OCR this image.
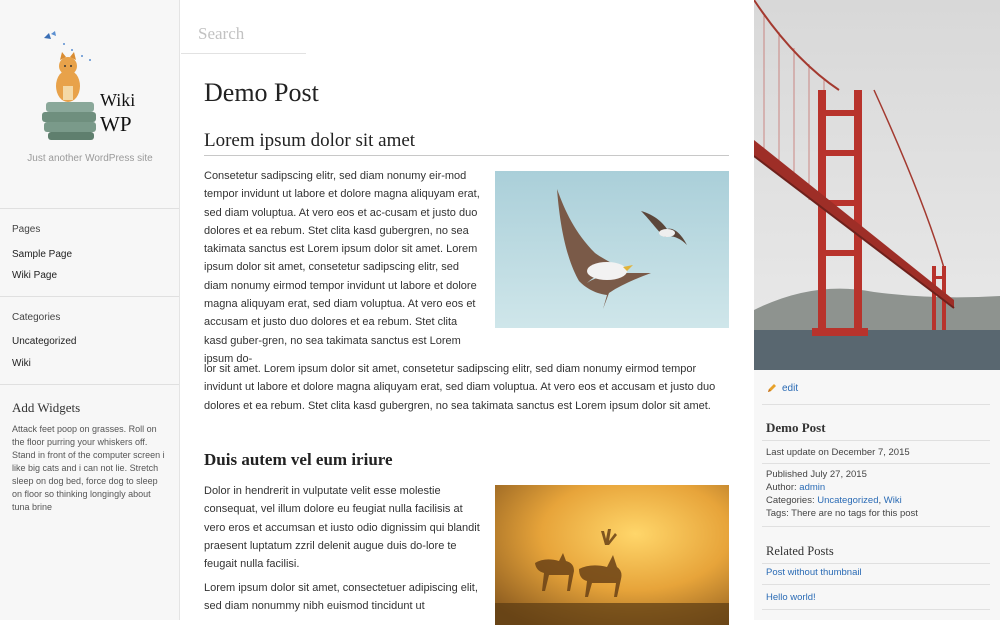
Wiki
WP
Just another WordPress site
Pages
Sample Page
Wiki Page
Categories
Uncategorized
Wiki
Add Widgets
Attack feet poop on grasses. Roll on the floor purring your whiskers off. Stand in front of the computer screen i like big cats and i can not lie. Stretch sleep on dog bed, force dog to sleep on floor so thinking longingly about tuna brine
Search
Demo Post
Lorem ipsum dolor sit amet

Consetetur sadipscing elitr, sed diam nonumy eir-mod tempor invidunt ut labore et dolore magna aliquyam erat, sed diam voluptua. At vero eos et ac-cusam et justo duo dolores et ea rebum. Stet clita kasd gubergren, no sea takimata sanctus est Lorem ipsum dolor sit amet. Lorem ipsum dolor sit amet, consetetur sadipscing elitr, sed diam nonumy eirmod tempor invidunt ut labore et dolore magna aliquyam erat, sed diam voluptua. At vero eos et accusam et justo duo dolores et ea rebum. Stet clita kasd guber-gren, no sea takimata sanctus est Lorem ipsum do-

lor sit amet. Lorem ipsum dolor sit amet, consetetur sadipscing elitr, sed diam nonumy eirmod tempor invidunt ut labore et dolore magna aliquyam erat, sed diam voluptua. At vero eos et accusam et justo duo dolores et ea rebum. Stet clita kasd gubergren, no sea takimata sanctus est Lorem ipsum dolor sit amet.

Duis autem vel eum iriure

Dolor in hendrerit in vulputate velit esse molestie consequat, vel illum dolore eu feugiat nulla facilisis at vero eros et accumsan et iusto odio dignissim qui blandit praesent luptatum zzril delenit augue duis do-lore te feugait nulla facilisi.

Lorem ipsum dolor sit amet, consectetuer adipiscing elit, sed diam nonummy nibh euismod tincidunt ut

edit
Demo Post
Last update on December 7, 2015
Published July 27, 2015
Author: admin
Categories: Uncategorized, Wiki
Tags: There are no tags for this post
Related Posts
Post without thumbnail
Hello world!
